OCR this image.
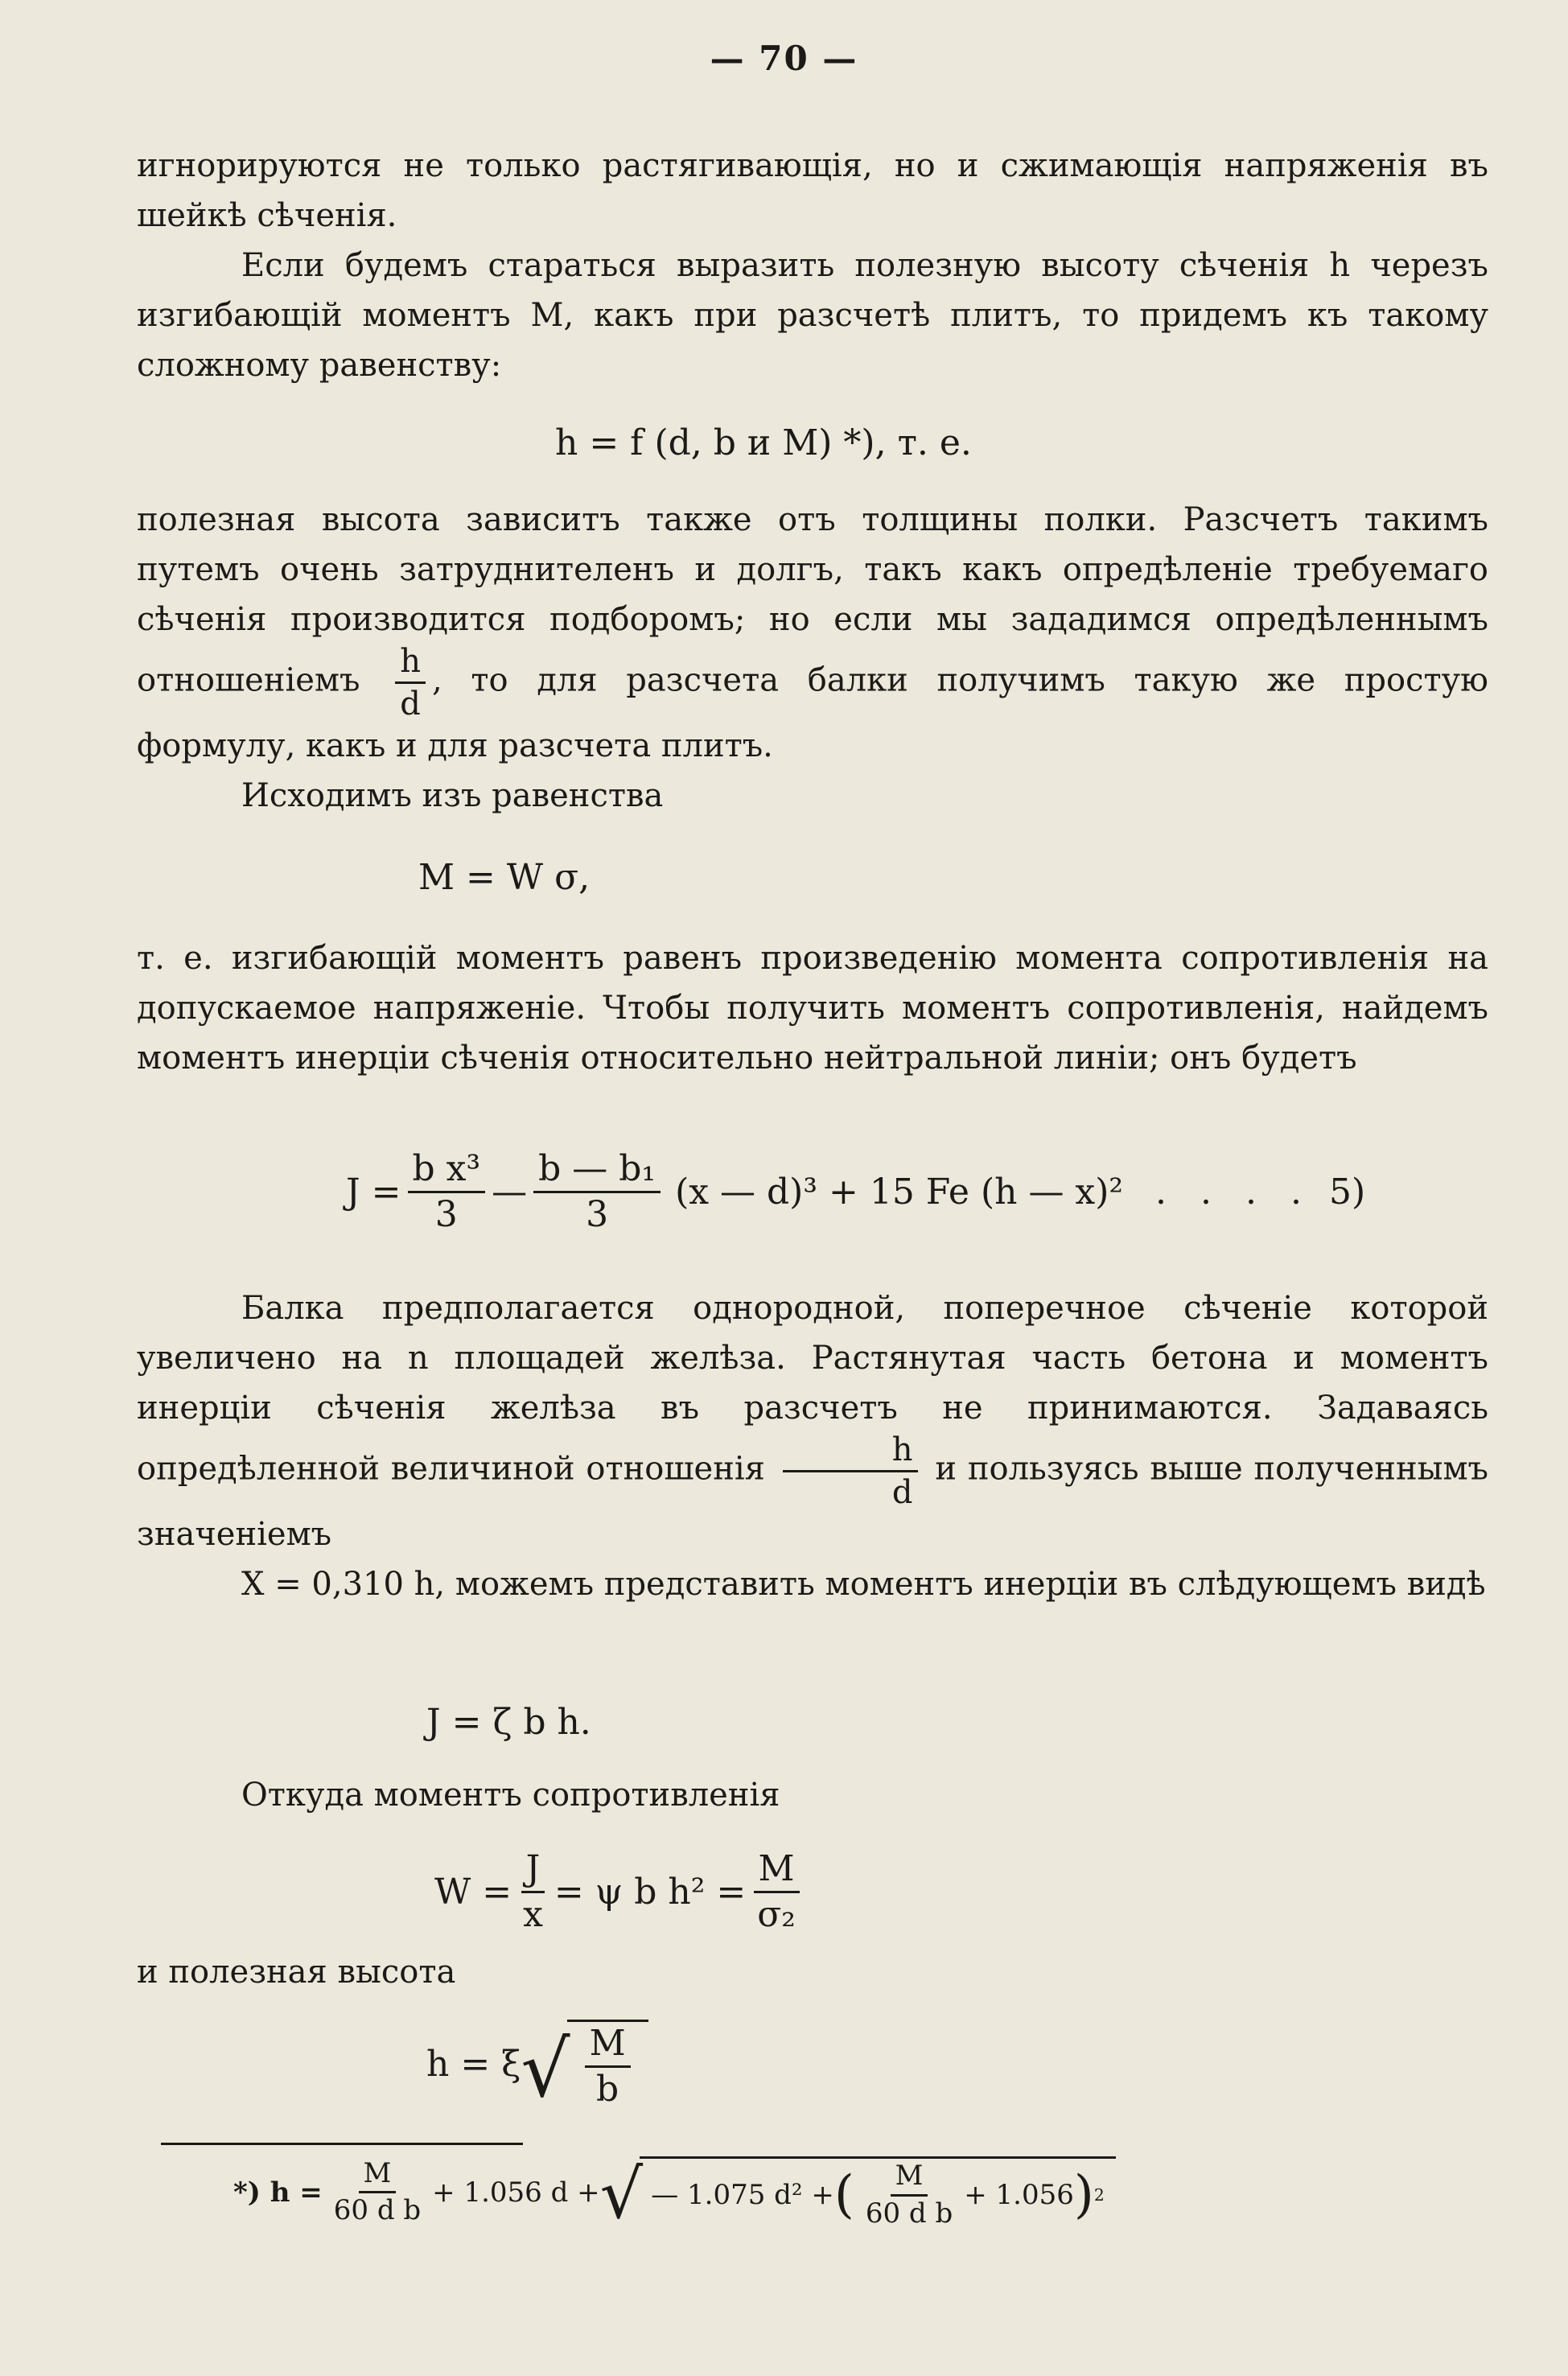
— 70 —

игнорируются не только растягивающія, но и сжимающія напряженія въ шейкѣ сѣченія.

Если будемъ стараться выразить полезную высоту сѣченія h черезъ изгибающій моментъ M, какъ при разсчетѣ плитъ, то придемъ къ такому сложному равенству:

h = f (d, b и M) *), т. е.

полезная высота зависитъ также отъ толщины полки. Разсчетъ такимъ путемъ очень затруднителенъ и долгъ, такъ какъ опредѣленіе требуемаго сѣченія производится подборомъ; но если мы зададимся опредѣленнымъ отношеніемъ $\frac{h}{d}$ , то для разсчета балки получимъ такую же простую формулу, какъ и для разсчета плитъ.

Исходимъ изъ равенства

M = W σ,

т. е. изгибающій моментъ равенъ произведенію момента сопротивленія на допускаемое напряженіе. Чтобы получить моментъ сопротивленія, найдемъ моментъ инерціи сѣченія относительно нейтральной линіи; онъ будетъ

$J = \frac{\text{b x³}}{3}$ — $\frac{\text{b — b₁}}{3} (x$ — d)³ + 15 Fe (h — x)² . . . . 5)

Балка предполагается однородной, поперечное сѣченіе которой увеличено на n площадей желѣза. Растянутая часть бетона и моментъ инерціи сѣченія желѣза въ разсчетъ не принимаются. Задаваясь опредѣленной величиной отношенія $\frac{h}{d}$ и пользуясь выше полученнымъ значеніемъ

X = 0,310 h, можемъ представить моментъ инерціи въ слѣдующемъ видѣ

J = ζ b h.

Откуда моментъ сопротивленія

$W = \frac{J}{x} = \psi$ b $h^2 = \frac{M}{\text{σ₂}}$

и полезная высота

h = ξ √ $\frac{M}{b}$
*) $h = \frac{M}{\text{60 d b}} + 1.056$ d + √ — 1.075 d² + ( $\frac{M}{\text{60 d b}} + 1.056$ ) 2
